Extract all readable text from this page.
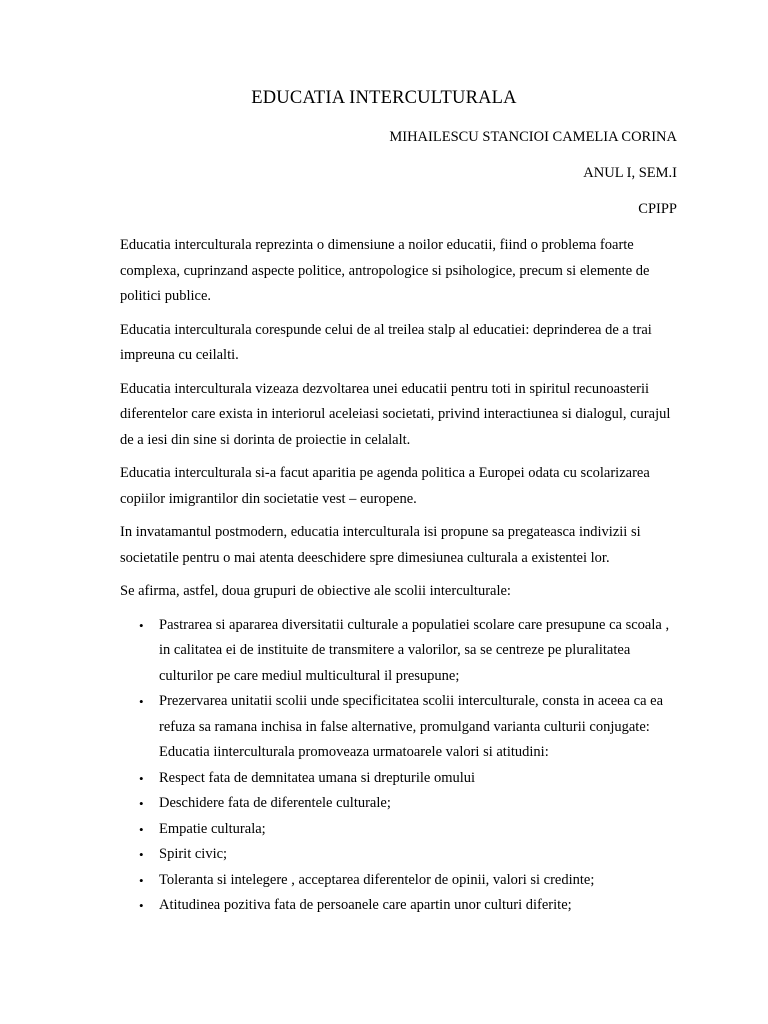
EDUCATIA INTERCULTURALA
MIHAILESCU STANCIOI CAMELIA CORINA
ANUL I, SEM.I
CPIPP

Educatia interculturala reprezinta o dimensiune a noilor educatii, fiind o problema foarte complexa, cuprinzand aspecte politice, antropologice si psihologice, precum si elemente de politici publice.

Educatia interculturala corespunde celui de al treilea stalp al educatiei: deprinderea de a trai impreuna cu ceilalti.

Educatia interculturala vizeaza dezvoltarea unei educatii pentru toti in spiritul recunoasterii diferentelor care exista in interiorul aceleiasi societati, privind interactiunea si dialogul, curajul de a iesi din sine si dorinta de proiectie in celalalt.

Educatia interculturala si-a facut aparitia pe agenda politica a Europei odata cu scolarizarea copiilor imigrantilor din societatie vest – europene.

In invatamantul postmodern, educatia interculturala isi propune sa pregateasca indivizii si societatile pentru o mai atenta deeschidere spre dimesiunea culturala a existentei lor.

Se afirma, astfel, doua grupuri de obiective ale scolii interculturale:

• Pastrarea si apararea diversitatii culturale a populatiei scolare care presupune ca scoala , in calitatea ei de instituite de transmitere a valorilor, sa se centreze pe pluralitatea culturilor pe care mediul multicultural il presupune;
• Prezervarea unitatii scolii unde specificitatea scolii interculturale, consta in aceea ca ea refuza sa ramana inchisa in false alternative, promulgand varianta culturii conjugate: Educatia iinterculturala promoveaza urmatoarele valori si atitudini:
• Respect fata de demnitatea umana si drepturile omului
• Deschidere fata de diferentele culturale;
• Empatie culturala;
• Spirit civic;
• Toleranta si intelegere , acceptarea diferentelor de opinii, valori si credinte;
• Atitudinea pozitiva fata de persoanele care apartin unor culturi diferite;
